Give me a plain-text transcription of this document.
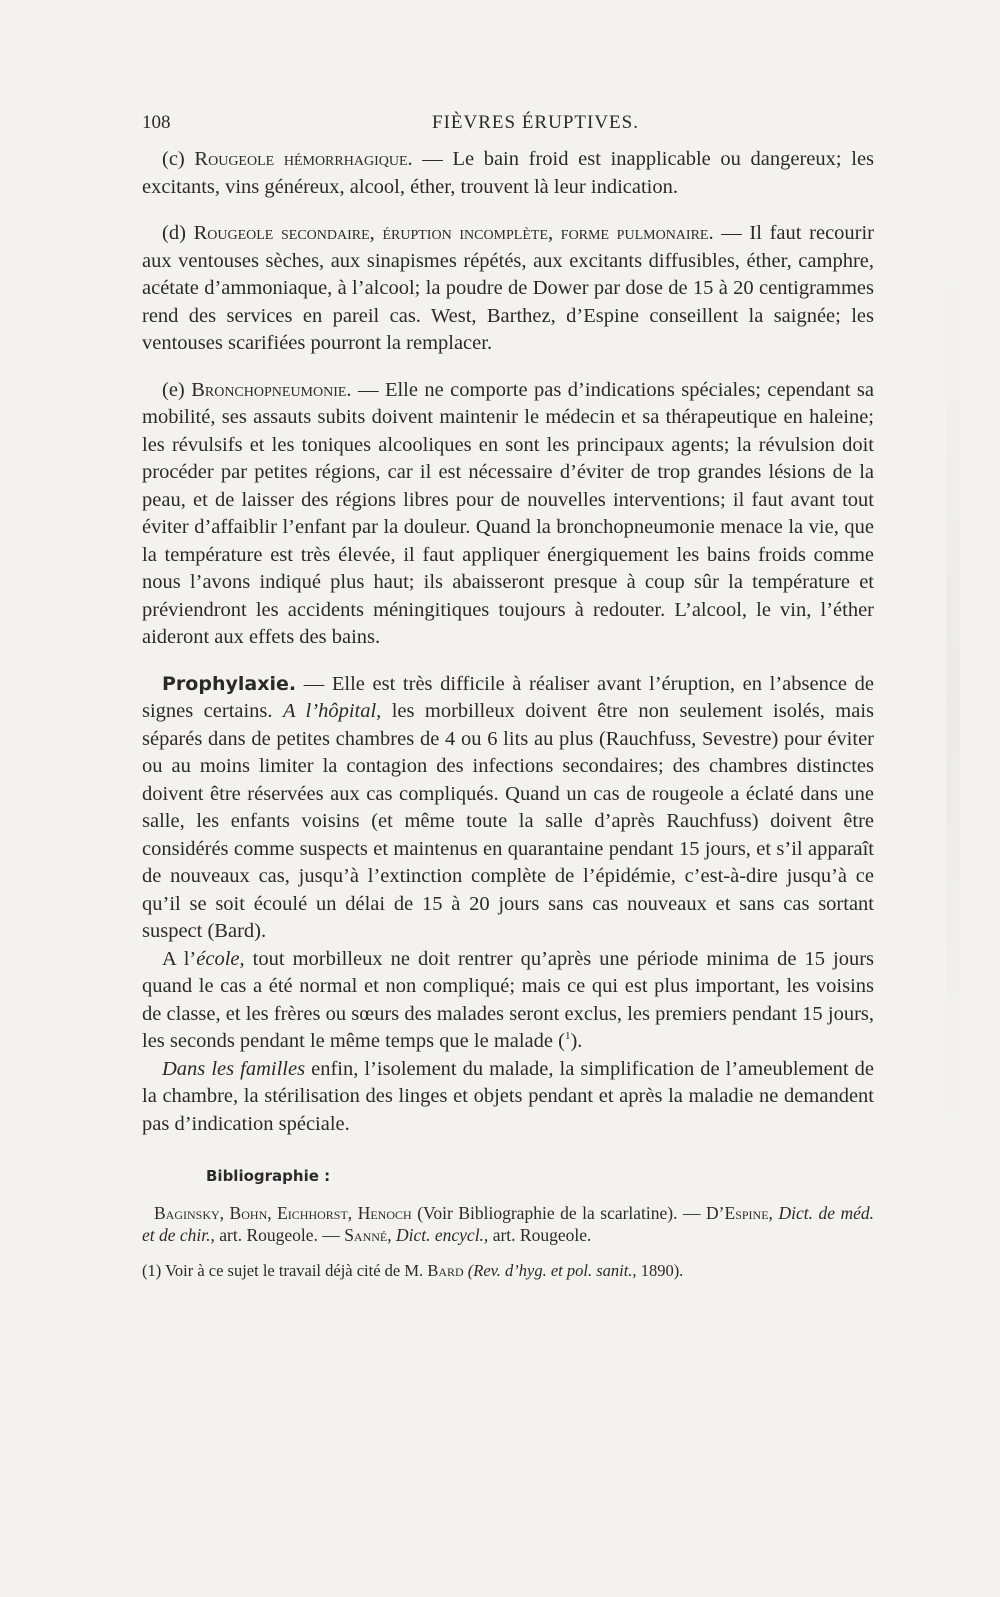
108	FIÈVRES ÉRUPTIVES.

(c) Rougeole hémorrhagique. — Le bain froid est inapplicable ou dangereux; les excitants, vins généreux, alcool, éther, trouvent là leur indication.

(d) Rougeole secondaire, éruption incomplète, forme pulmonaire. — Il faut recourir aux ventouses sèches, aux sinapismes répétés, aux excitants diffusibles, éther, camphre, acétate d’ammoniaque, à l’alcool; la poudre de Dower par dose de 15 à 20 centigrammes rend des services en pareil cas. West, Barthez, d’Espine conseillent la saignée; les ventouses scarifiées pourront la remplacer.

(e) Bronchopneumonie. — Elle ne comporte pas d’indications spéciales; cependant sa mobilité, ses assauts subits doivent maintenir le médecin et sa thérapeutique en haleine; les révulsifs et les toniques alcooliques en sont les principaux agents; la révulsion doit procéder par petites régions, car il est nécessaire d’éviter de trop grandes lésions de la peau, et de laisser des régions libres pour de nouvelles interventions; il faut avant tout éviter d’affaiblir l’enfant par la douleur. Quand la bronchopneumonie menace la vie, que la température est très élevée, il faut appliquer énergiquement les bains froids comme nous l’avons indiqué plus haut; ils abaisseront presque à coup sûr la température et préviendront les accidents méningitiques toujours à redouter. L’alcool, le vin, l’éther aideront aux effets des bains.

Prophylaxie. — Elle est très difficile à réaliser avant l’éruption, en l’absence de signes certains. A l’hôpital, les morbilleux doivent être non seulement isolés, mais séparés dans de petites chambres de 4 ou 6 lits au plus (Rauchfuss, Sevestre) pour éviter ou au moins limiter la contagion des infections secondaires; des chambres distinctes doivent être réservées aux cas compliqués. Quand un cas de rougeole a éclaté dans une salle, les enfants voisins (et même toute la salle d’après Rauchfuss) doivent être considérés comme suspects et maintenus en quarantaine pendant 15 jours, et s’il apparaît de nouveaux cas, jusqu’à l’extinction complète de l’épidémie, c’est-à-dire jusqu’à ce qu’il se soit écoulé un délai de 15 à 20 jours sans cas nouveaux et sans cas sortant suspect (Bard).

A l’école, tout morbilleux ne doit rentrer qu’après une période minima de 15 jours quand le cas a été normal et non compliqué; mais ce qui est plus important, les voisins de classe, et les frères ou sœurs des malades seront exclus, les premiers pendant 15 jours, les seconds pendant le même temps que le malade ($^1$).

Dans les familles enfin, l’isolement du malade, la simplification de l’ameublement de la chambre, la stérilisation des linges et objets pendant et après la maladie ne demandent pas d’indication spéciale.

Bibliographie :
Baginsky, Bohn, Eichhorst, Henoch (Voir Bibliographie de la scarlatine). — D’Espine, Dict. de méd. et de chir., art. Rougeole. — Sanné, Dict. encycl., art. Rougeole.
(1) Voir à ce sujet le travail déjà cité de M. Bard (Rev. d’hyg. et pol. sanit., 1890).
